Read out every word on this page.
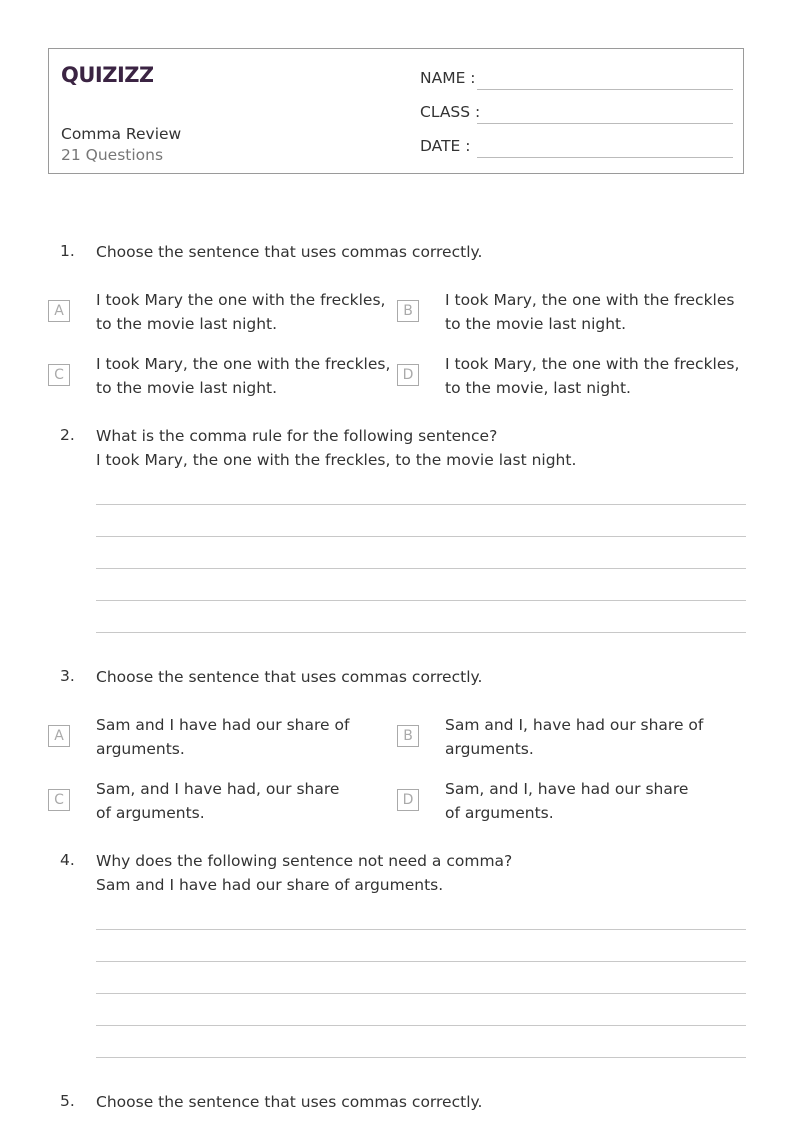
QUIZIZZ
Comma Review
21 Questions
NAME :
CLASS :
DATE :
1. Choose the sentence that uses commas correctly.
A
I took Mary the one with the freckles, to the movie last night.
B
I took Mary, the one with the freckles to the movie last night.
C
I took Mary, the one with the freckles, to the movie last night.
D
I took Mary, the one with the freckles, to the movie, last night.
2. What is the comma rule for the following sentence?
I took Mary, the one with the freckles, to the movie last night.
3. Choose the sentence that uses commas correctly.
A
Sam and I have had our share of arguments.
B
Sam and I, have had our share of arguments.
C
Sam, and I have had, our share of arguments.
D
Sam, and I, have had our share of arguments.
4. Why does the following sentence not need a comma?
Sam and I have had our share of arguments.
5. Choose the sentence that uses commas correctly.
